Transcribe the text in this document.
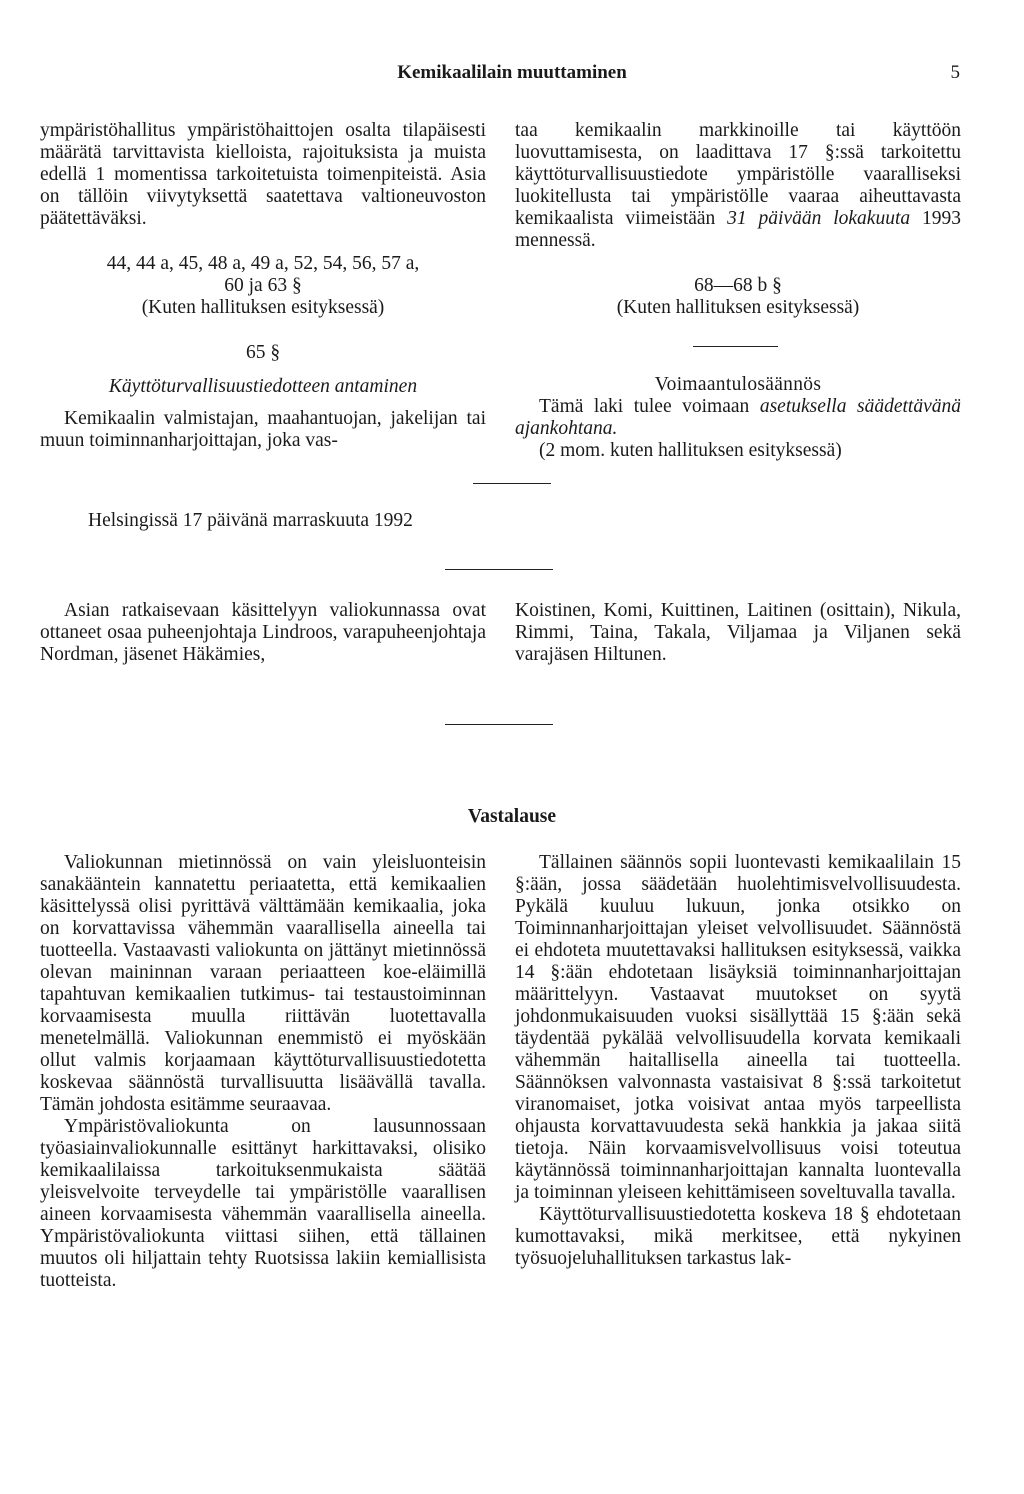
Kemikaalilain muuttaminen	5

ympäristöhallitus ympäristöhaittojen osalta tilapäisesti määrätä tarvittavista kielloista, rajoituksista ja muista edellä 1 momentissa tarkoitetuista toimenpiteistä. Asia on tällöin viivytyksettä saatettava valtioneuvoston päätettäväksi.

44, 44 a, 45, 48 a, 49 a, 52, 54, 56, 57 a,

60 ja 63 §

(Kuten hallituksen esityksessä)

65 §

Käyttöturvallisuustiedotteen antaminen

Kemikaalin valmistajan, maahantuojan, jakelijan tai muun toiminnanharjoittajan, joka vas-

taa kemikaalin markkinoille tai käyttöön luovuttamisesta, on laadittava 17 §:ssä tarkoitettu käyttöturvallisuustiedote ympäristölle vaaralliseksi luokitellusta tai ympäristölle vaaraa aiheuttavasta kemikaalista viimeistään 31 päivään lokakuuta 1993 mennessä.

68—68 b §

(Kuten hallituksen esityksessä)

Voimaantulosäännös

Tämä laki tulee voimaan asetuksella säädettävänä ajankohtana.

(2 mom. kuten hallituksen esityksessä)

Helsingissä 17 päivänä marraskuuta 1992

Asian ratkaisevaan käsittelyyn valiokunnassa ovat ottaneet osaa puheenjohtaja Lindroos, varapuheenjohtaja Nordman, jäsenet Häkämies,

Koistinen, Komi, Kuittinen, Laitinen (osittain), Nikula, Rimmi, Taina, Takala, Viljamaa ja Viljanen sekä varajäsen Hiltunen.

Vastalause

Valiokunnan mietinnössä on vain yleisluonteisin sanakääntein kannatettu periaatetta, että kemikaalien käsittelyssä olisi pyrittävä välttämään kemikaalia, joka on korvattavissa vähemmän vaarallisella aineella tai tuotteella. Vastaavasti valiokunta on jättänyt mietinnössä olevan maininnan varaan periaatteen koe-eläimillä tapahtuvan kemikaalien tutkimus- tai testaustoiminnan korvaamisesta muulla riittävän luotettavalla menetelmällä. Valiokunnan enemmistö ei myöskään ollut valmis korjaamaan käyttöturvallisuustiedotetta koskevaa säännöstä turvallisuutta lisäävällä tavalla. Tämän johdosta esitämme seuraavaa.

Ympäristövaliokunta on lausunnossaan työasiainvaliokunnalle esittänyt harkittavaksi, olisiko kemikaalilaissa tarkoituksenmukaista säätää yleisvelvoite terveydelle tai ympäristölle vaarallisen aineen korvaamisesta vähemmän vaarallisella aineella. Ympäristövaliokunta viittasi siihen, että tällainen muutos oli hiljattain tehty Ruotsissa lakiin kemiallisista tuotteista.

Tällainen säännös sopii luontevasti kemikaalilain 15 §:ään, jossa säädetään huolehtimisvelvollisuudesta. Pykälä kuuluu lukuun, jonka otsikko on Toiminnanharjoittajan yleiset velvollisuudet. Säännöstä ei ehdoteta muutettavaksi hallituksen esityksessä, vaikka 14 §:ään ehdotetaan lisäyksiä toiminnanharjoittajan määrittelyyn. Vastaavat muutokset on syytä johdonmukaisuuden vuoksi sisällyttää 15 §:ään sekä täydentää pykälää velvollisuudella korvata kemikaali vähemmän haitallisella aineella tai tuotteella. Säännöksen valvonnasta vastaisivat 8 §:ssä tarkoitetut viranomaiset, jotka voisivat antaa myös tarpeellista ohjausta korvattavuudesta sekä hankkia ja jakaa siitä tietoja. Näin korvaamisvelvollisuus voisi toteutua käytännössä toiminnanharjoittajan kannalta luontevalla ja toiminnan yleiseen kehittämiseen soveltuvalla tavalla.

Käyttöturvallisuustiedotetta koskeva 18 § ehdotetaan kumottavaksi, mikä merkitsee, että nykyinen työsuojeluhallituksen tarkastus lak-
